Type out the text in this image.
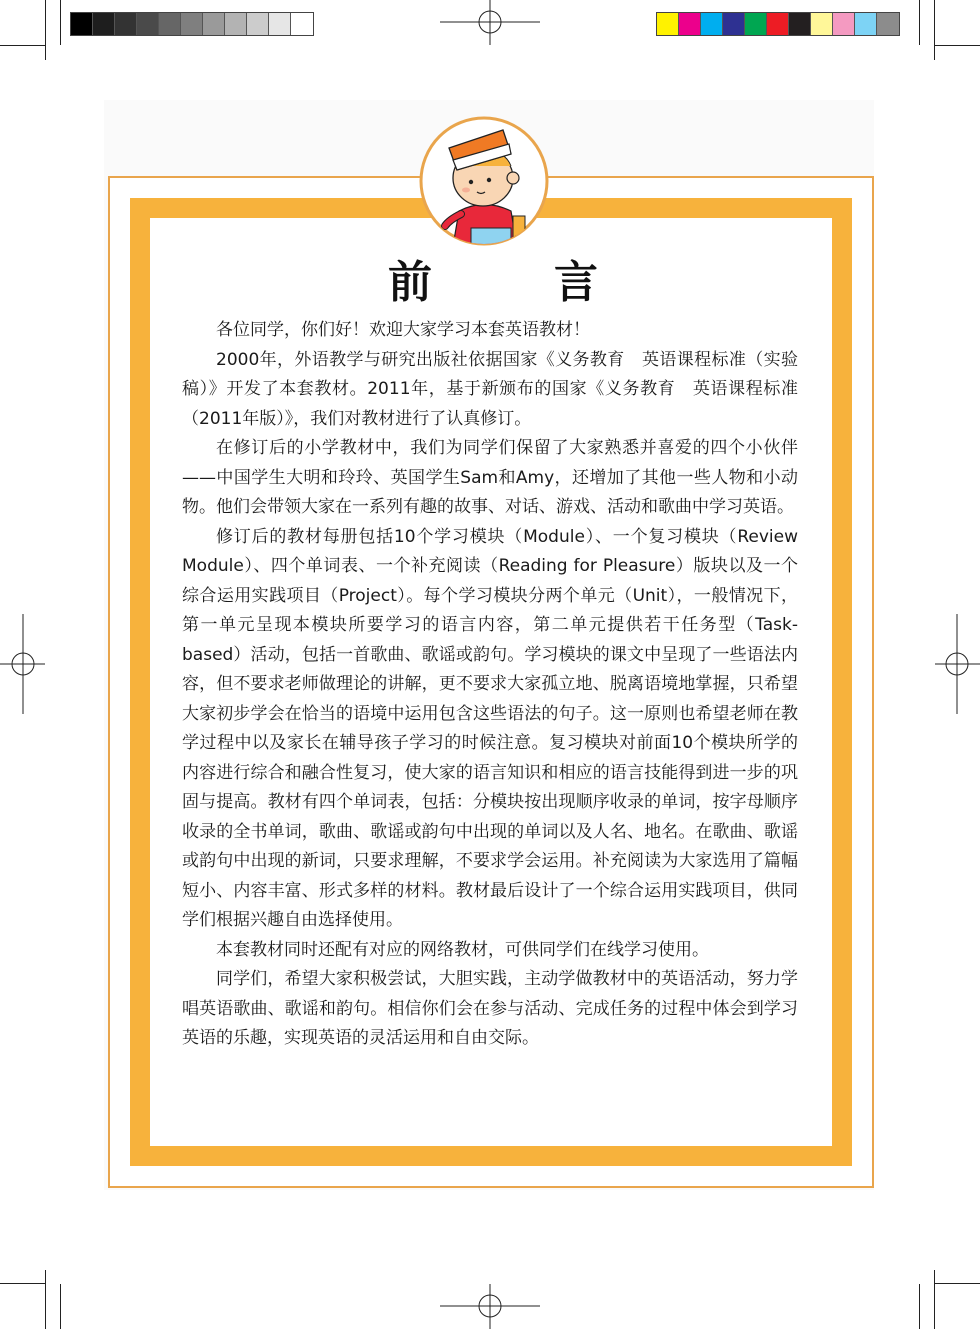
前	言

各位同学，你们好！欢迎大家学习本套英语教材！

2000年，外语教学与研究出版社依据国家《义务教育　英语课程标准（实验稿）》开发了本套教材。2011年，基于新颁布的国家《义务教育　英语课程标准（2011年版）》，我们对教材进行了认真修订。

在修订后的小学教材中，我们为同学们保留了大家熟悉并喜爱的四个小伙伴——中国学生大明和玲玲、英国学生Sam和Amy，还增加了其他一些人物和小动物。他们会带领大家在一系列有趣的故事、对话、游戏、活动和歌曲中学习英语。

修订后的教材每册包括10个学习模块（Module）、一个复习模块（Review Module）、四个单词表、一个补充阅读（Reading for Pleasure）版块以及一个综合运用实践项目（Project）。每个学习模块分两个单元（Unit），一般情况下，第一单元呈现本模块所要学习的语言内容，第二单元提供若干任务型（Task-based）活动，包括一首歌曲、歌谣或韵句。学习模块的课文中呈现了一些语法内容，但不要求老师做理论的讲解，更不要求大家孤立地、脱离语境地掌握，只希望大家初步学会在恰当的语境中运用包含这些语法的句子。这一原则也希望老师在教学过程中以及家长在辅导孩子学习的时候注意。复习模块对前面10个模块所学的内容进行综合和融合性复习，使大家的语言知识和相应的语言技能得到进一步的巩固与提高。教材有四个单词表，包括：分模块按出现顺序收录的单词，按字母顺序收录的全书单词，歌曲、歌谣或韵句中出现的单词以及人名、地名。在歌曲、歌谣或韵句中出现的新词，只要求理解，不要求学会运用。补充阅读为大家选用了篇幅短小、内容丰富、形式多样的材料。教材最后设计了一个综合运用实践项目，供同学们根据兴趣自由选择使用。

本套教材同时还配有对应的网络教材，可供同学们在线学习使用。

同学们，希望大家积极尝试，大胆实践，主动学做教材中的英语活动，努力学唱英语歌曲、歌谣和韵句。相信你们会在参与活动、完成任务的过程中体会到学习英语的乐趣，实现英语的灵活运用和自由交际。
